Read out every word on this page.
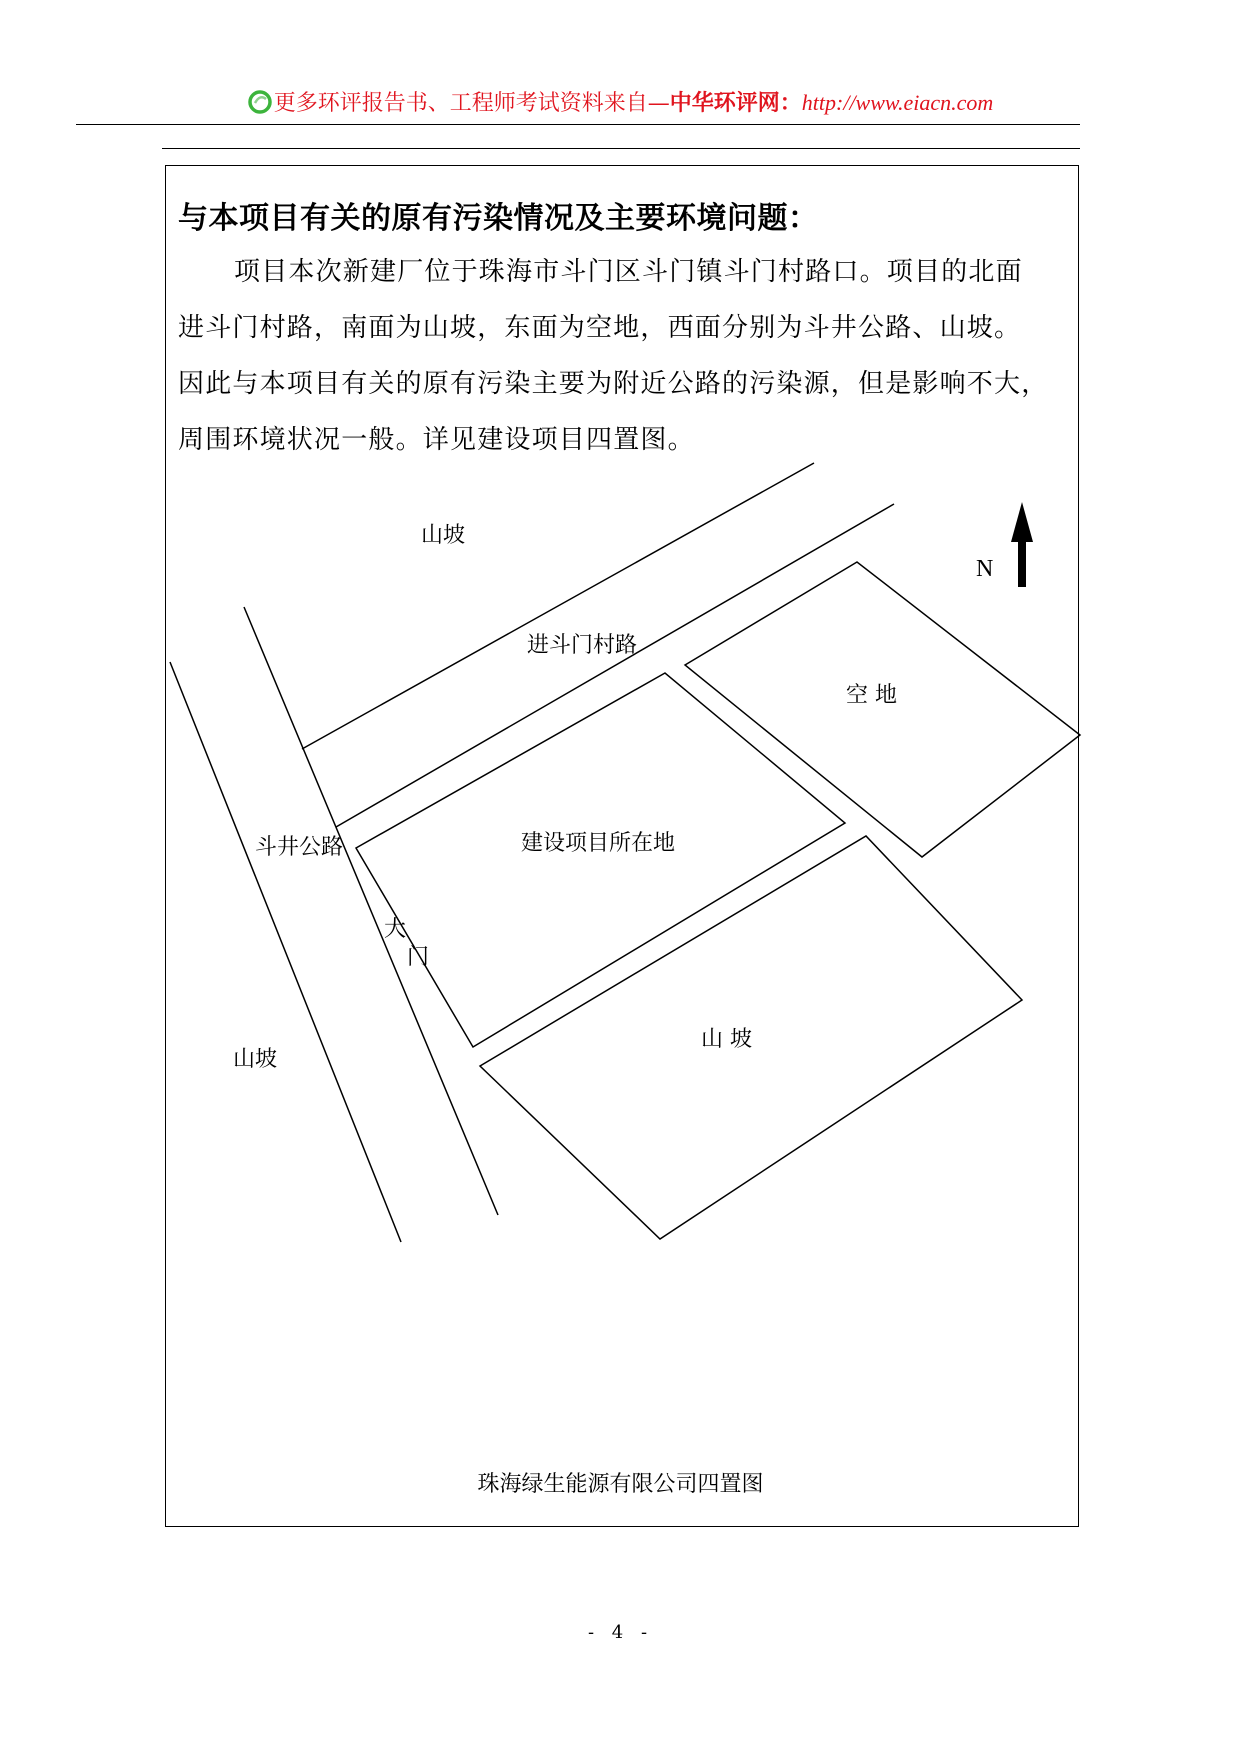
更多环评报告书、工程师考试资料来自—中华环评网：http://www.eiacn.com
与本项目有关的原有污染情况及主要环境问题：
项目本次新建厂位于珠海市斗门区斗门镇斗门村路口。项目的北面
进斗门村路，南面为山坡，东面为空地，西面分别为斗井公路、山坡。
因此与本项目有关的原有污染主要为附近公路的污染源，但是影响不大，
周围环境状况一般。详见建设项目四置图。
山坡
N
进斗门村路
空 地
斗井公路	建设项目所在地
大
门
山 坡
山坡
珠海绿生能源有限公司四置图
- 4 -
